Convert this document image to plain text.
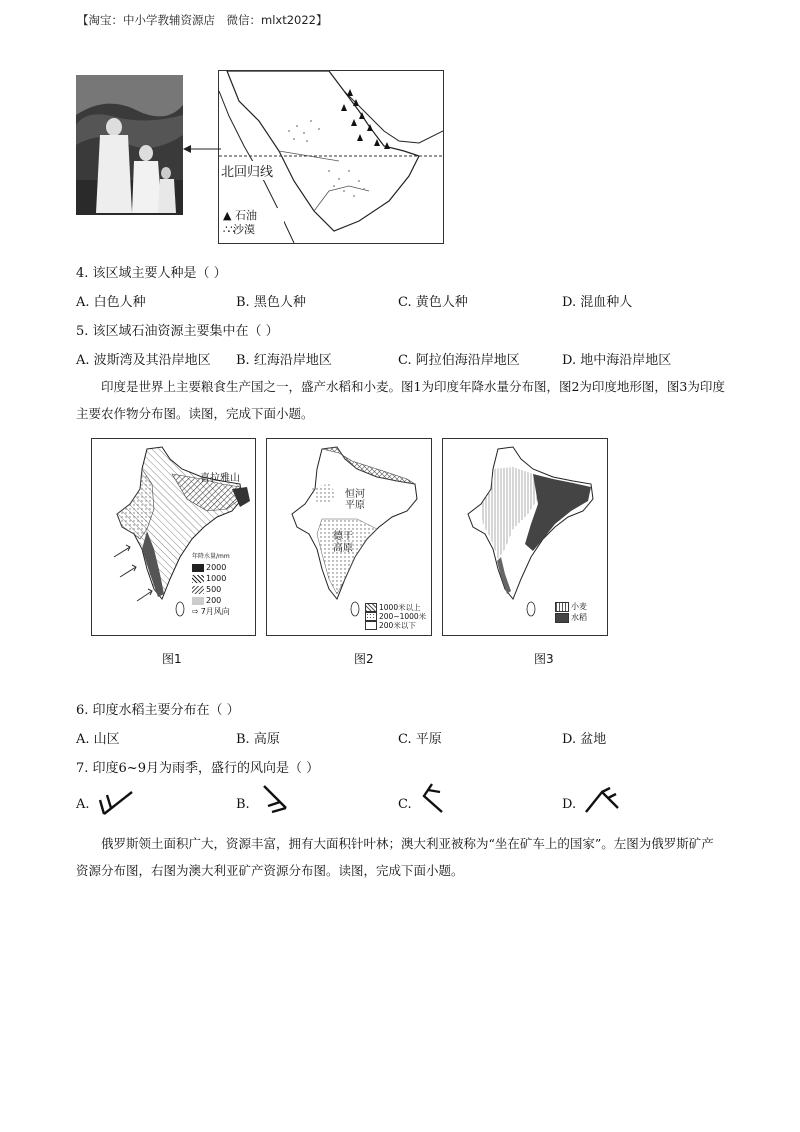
【淘宝：中小学教辅资源店　微信：mlxt2022】
北回归线
▲ 石油
∴∴沙漠
4. 该区域主要人种是（ ）
A. 白色人种	B. 黑色人种	C. 黄色人种	D. 混血种人
5. 该区域石油资源主要集中在（ ）
A. 波斯湾及其沿岸地区 B. 红海沿岸地区	C. 阿拉伯海沿岸地区	D. 地中海沿岸地区
印度是世界上主要粮食生产国之一，盛产水稻和小麦。图1为印度年降水量分布图，图2为印度地形图，图3为印度主要农作物分布图。读图，完成下面小题。
喜拉雅山
年降水量/mm
2000
1000
500
200
⇨ 7月风向
图1
恒河平原
德干高原
1000米以上
200~1000米
200米以下
图2
小麦
水稻
图3
6. 印度水稻主要分布在（ ）
A. 山区	B. 高原	C. 平原	D. 盆地
7. 印度6~9月为雨季，盛行的风向是（ ）
A.	B.	C.	D.
俄罗斯领土面积广大，资源丰富，拥有大面积针叶林；澳大利亚被称为“坐在矿车上的国家”。左图为俄罗斯矿产资源分布图，右图为澳大利亚矿产资源分布图。读图，完成下面小题。
